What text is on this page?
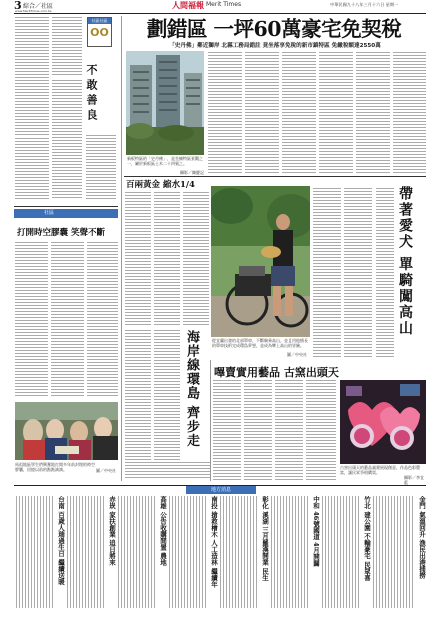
3 綜合／社區
www.MeritTimes.com.tw
人間福報 Merit Times	中華民國九十八年三月十六日 星期一
社區社區
OO
不敢善良
社區
打開時空膠囊 笑聲不斷
馬祖地區學生們興奮地打開多年前封埋的時空膠囊，回憶以前的點點滴滴。	圖／中央社
劃錯區 一坪60萬豪宅免契稅
「史丹佛」鄰近獅岸 北縣工務局錯註 竟坐落享免稅的新市鎮特區 免繳稅額達2550萬
新板特區的「史丹佛」，是坐擁特區景觀之一，屬於新板區土木二十四號之。
攝影／陳慶記
百兩黃金 縮水1/4
從宜蘭出發的北部單車，不斷騎乘高山，並且用他擅長的單車技術完成環島夢想，並成為攀上高山的冒險。
圖／中央社
帶著愛犬 單騎闖高山
海岸線環島 齊步走 嗶賣實用藝品 古窯出頭天
古窯出頭天的藝品義賣展現創意，作品色彩豐富，讓民眾爭相購買。
攝影／李宜藍
地方消息
台南 百歲人瑞過生日 繼續送暖	赤崁 家扶創業 追日將來	高雄 公告收購閒置 農地	南投 搶救檜木 人工造林 繼續年	彰化 溪湖 三月羅漢開業 民生	中和 46號國道 4月開闢	竹北 建公園 不輸豪宅 民眾喜	金門 氣溫回升 漁民出港捕撈
